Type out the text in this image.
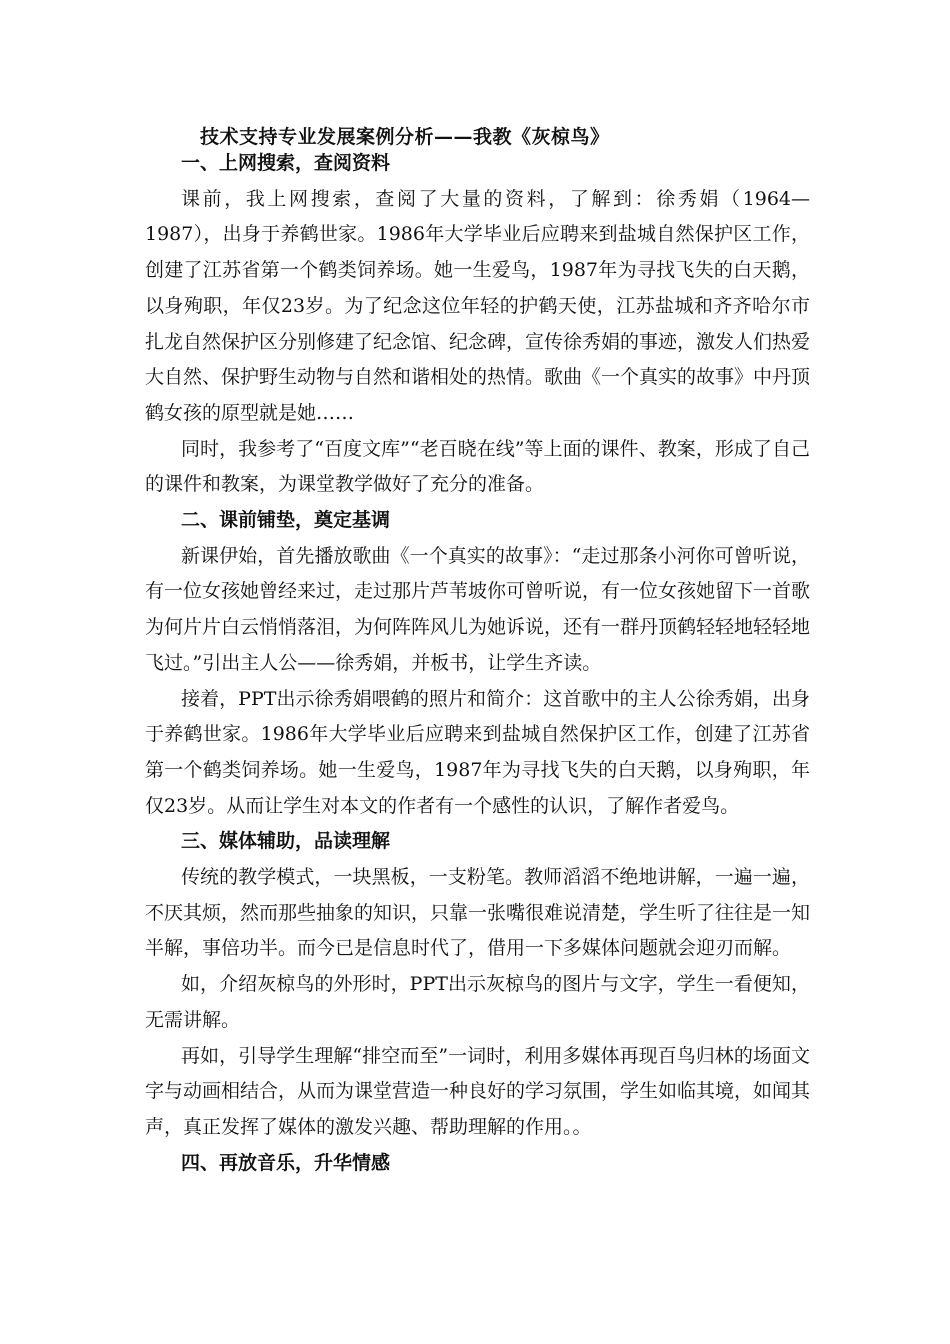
技术支持专业发展案例分析——我教《灰椋鸟》
一、上网搜索，查阅资料

课前，我上网搜索，查阅了大量的资料，了解到：徐秀娟（1964—1987），出身于养鹤世家。1986年大学毕业后应聘来到盐城自然保护区工作，创建了江苏省第一个鹤类饲养场。她一生爱鸟，1987年为寻找飞失的白天鹅，以身殉职，年仅23岁。为了纪念这位年轻的护鹤天使，江苏盐城和齐齐哈尔市扎龙自然保护区分别修建了纪念馆、纪念碑，宣传徐秀娟的事迹，激发人们热爱大自然、保护野生动物与自然和谐相处的热情。歌曲《一个真实的故事》中丹顶鹤女孩的原型就是她……

同时，我参考了“百度文库”“老百晓在线”等上面的课件、教案，形成了自己的课件和教案，为课堂教学做好了充分的准备。

二、课前铺垫，奠定基调

新课伊始，首先播放歌曲《一个真实的故事》：“走过那条小河你可曾听说，有一位女孩她曾经来过，走过那片芦苇坡你可曾听说，有一位女孩她留下一首歌为何片片白云悄悄落泪，为何阵阵风儿为她诉说，还有一群丹顶鹤轻轻地轻轻地飞过。”引出主人公——徐秀娟，并板书，让学生齐读。

接着，PPT出示徐秀娟喂鹤的照片和简介：这首歌中的主人公徐秀娟，出身于养鹤世家。1986年大学毕业后应聘来到盐城自然保护区工作，创建了江苏省第一个鹤类饲养场。她一生爱鸟，1987年为寻找飞失的白天鹅，以身殉职，年仅23岁。从而让学生对本文的作者有一个感性的认识，了解作者爱鸟。

三、媒体辅助，品读理解

传统的教学模式，一块黑板，一支粉笔。教师滔滔不绝地讲解，一遍一遍，不厌其烦，然而那些抽象的知识，只靠一张嘴很难说清楚，学生听了往往是一知半解，事倍功半。而今已是信息时代了，借用一下多媒体问题就会迎刃而解。

如，介绍灰椋鸟的外形时，PPT出示灰椋鸟的图片与文字，学生一看便知，无需讲解。

再如，引导学生理解“排空而至”一词时，利用多媒体再现百鸟归林的场面文字与动画相结合，从而为课堂营造一种良好的学习氛围，学生如临其境，如闻其声，真正发挥了媒体的激发兴趣、帮助理解的作用。。

四、再放音乐，升华情感
